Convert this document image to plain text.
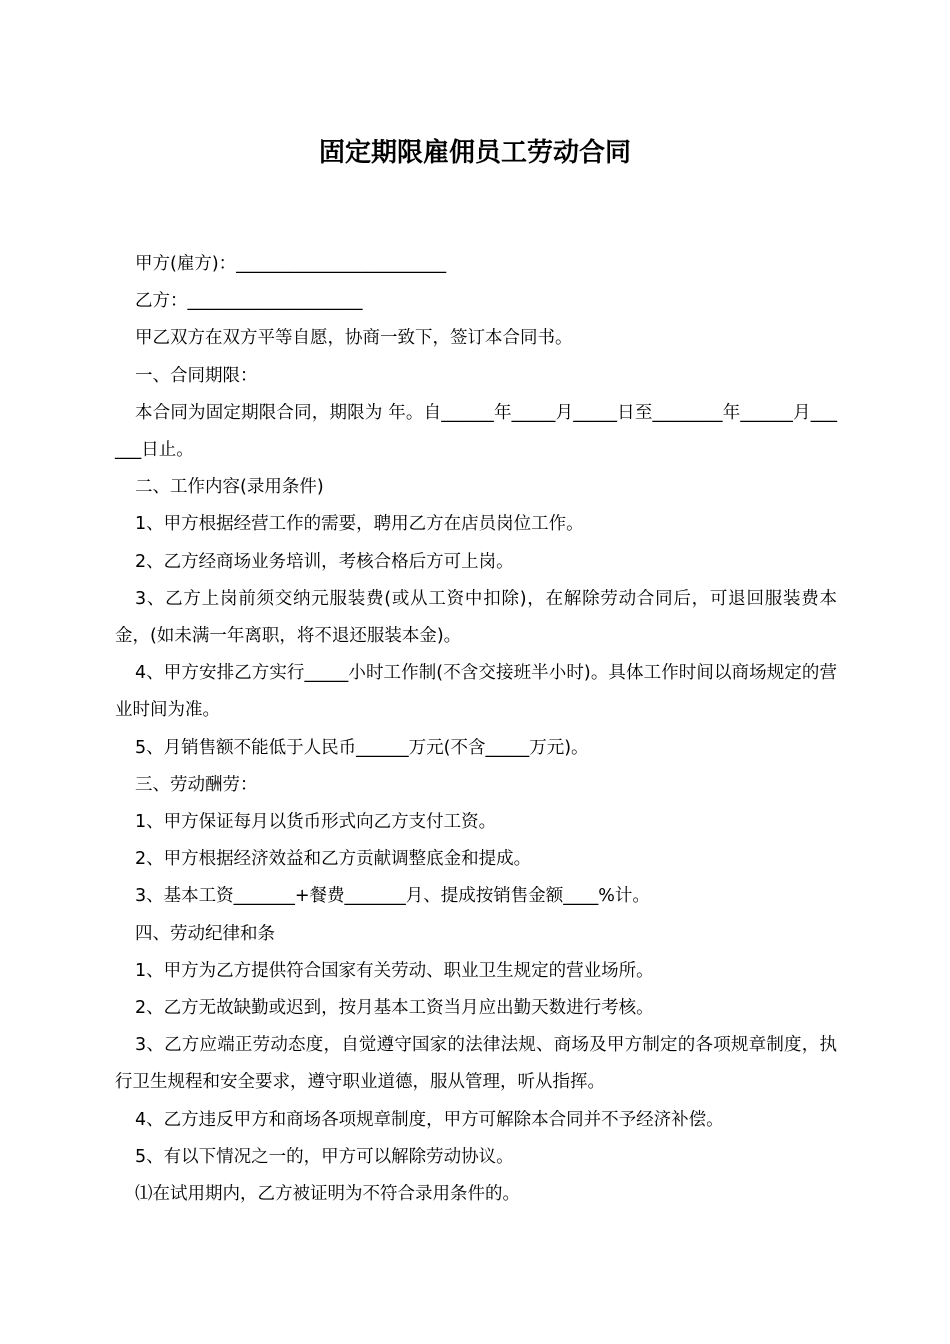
固定期限雇佣员工劳动合同

甲方(雇方)：________________________

乙方：____________________

甲乙双方在双方平等自愿，协商一致下，签订本合同书。

一、合同期限：

本合同为固定期限合同，期限为 年。自______年_____月_____日至________年______月______日止。

二、工作内容(录用条件)

1、甲方根据经营工作的需要，聘用乙方在店员岗位工作。

2、乙方经商场业务培训，考核合格后方可上岗。

3、乙方上岗前须交纳元服装费(或从工资中扣除)，在解除劳动合同后，可退回服装费本金，(如未满一年离职，将不退还服装本金)。

4、甲方安排乙方实行_____小时工作制(不含交接班半小时)。具体工作时间以商场规定的营业时间为准。

5、月销售额不能低于人民币______万元(不含_____万元)。

三、劳动酬劳：

1、甲方保证每月以货币形式向乙方支付工资。

2、甲方根据经济效益和乙方贡献调整底金和提成。

3、基本工资_______+餐费_______月、提成按销售金额____%计。

四、劳动纪律和条

1、甲方为乙方提供符合国家有关劳动、职业卫生规定的营业场所。

2、乙方无故缺勤或迟到，按月基本工资当月应出勤天数进行考核。

3、乙方应端正劳动态度，自觉遵守国家的法律法规、商场及甲方制定的各项规章制度，执行卫生规程和安全要求，遵守职业道德，服从管理，听从指挥。

4、乙方违反甲方和商场各项规章制度，甲方可解除本合同并不予经济补偿。

5、有以下情况之一的，甲方可以解除劳动协议。

⑴在试用期内，乙方被证明为不符合录用条件的。
